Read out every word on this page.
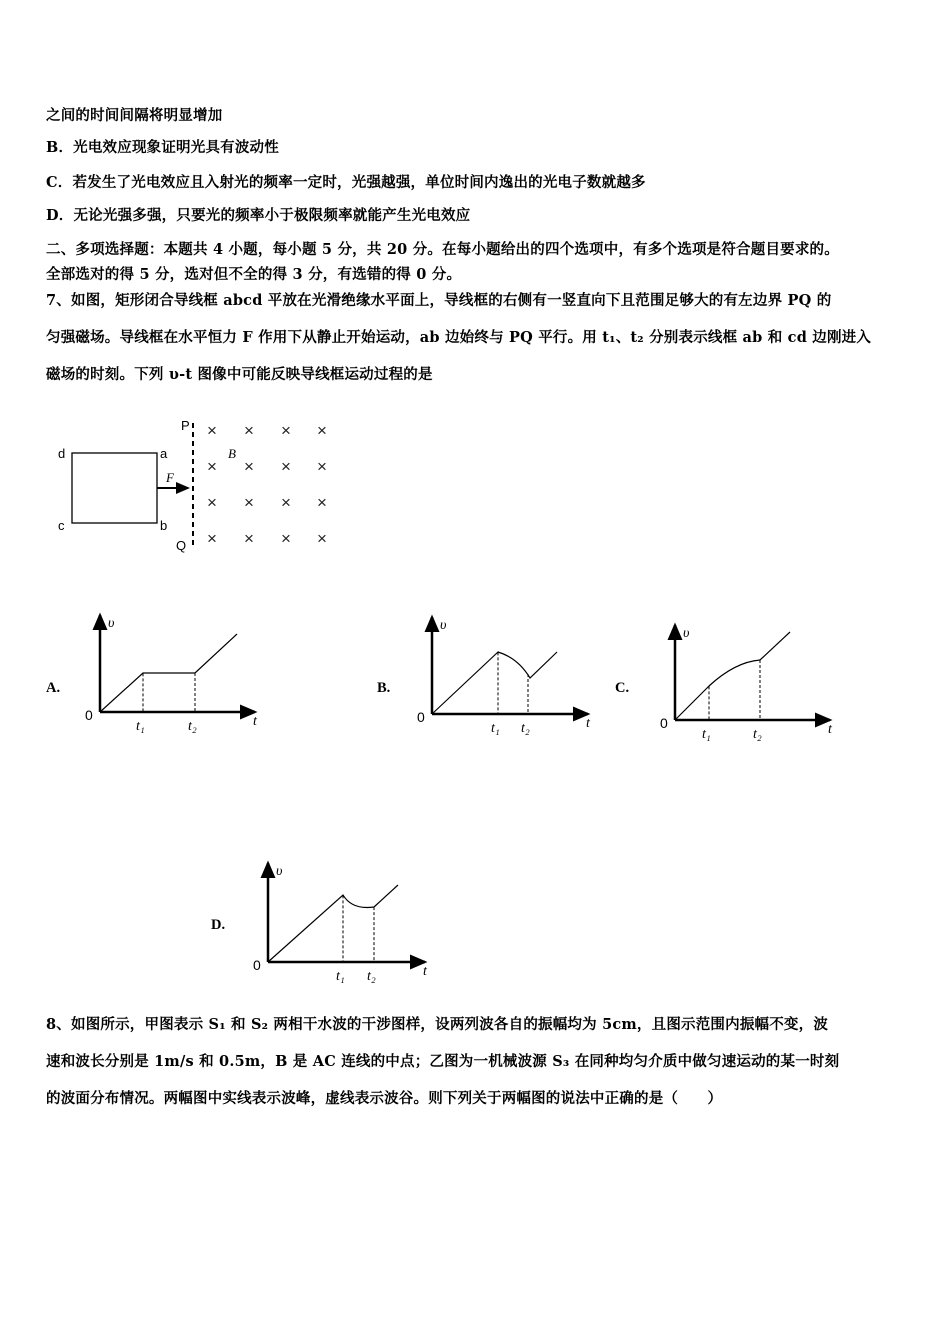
之间的时间间隔将明显增加
B．光电效应现象证明光具有波动性
C．若发生了光电效应且入射光的频率一定时，光强越强，单位时间内逸出的光电子数就越多
D．无论光强多强，只要光的频率小于极限频率就能产生光电效应
二、多项选择题：本题共 4 小题，每小题 5 分，共 20 分。在每小题给出的四个选项中，有多个选项是符合题目要求的。
全部选对的得 5 分，选对但不全的得 3 分，有选错的得 0 分。
7、如图，矩形闭合导线框 abcd 平放在光滑绝缘水平面上，导线框的右侧有一竖直向下且范围足够大的有左边界 PQ 的
匀强磁场。导线框在水平恒力 F 作用下从静止开始运动，ab 边始终与 PQ 平行。用 t₁、t₂ 分别表示线框 ab 和 cd 边刚进入
磁场的时刻。下列 υ-t 图像中可能反映导线框运动过程的是
8、如图所示，甲图表示 S₁ 和 S₂ 两相干水波的干涉图样，设两列波各自的振幅均为 5cm，且图示范围内振幅不变，波
速和波长分别是 1m/s 和 0.5m，B 是 AC 连线的中点；乙图为一机械波源 S₃ 在同种均匀介质中做匀速运动的某一时刻
的波面分布情况。两幅图中实线表示波峰，虚线表示波谷。则下列关于两幅图的说法中正确的是（　　）
A.	B.	C.
D.
d	a
c	b
P
Q
B
F
× × × ×
× × × ×
× × × ×
× × × ×
υ
0
t₁	t₂	t
υ
0
t₁ t₂	t
υ
0
t₁	t₂	t
υ
0
t₁ t₂	t
